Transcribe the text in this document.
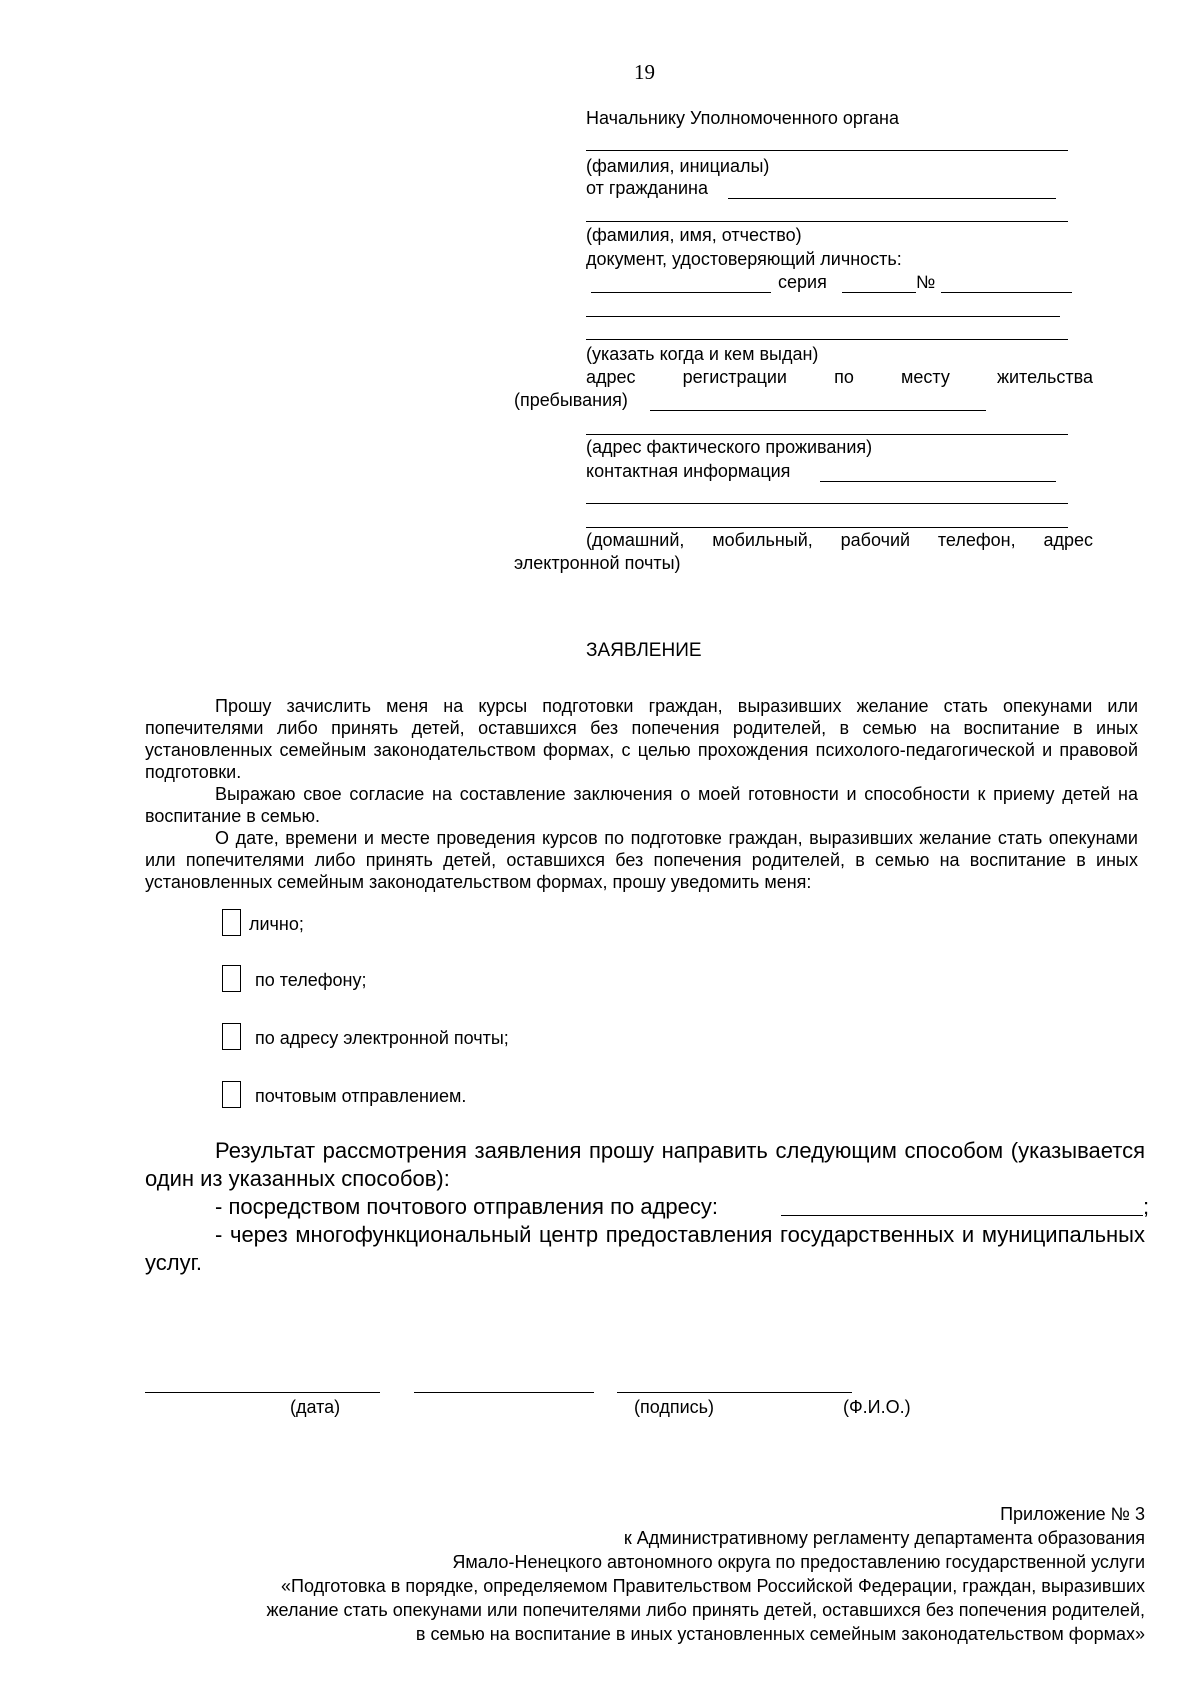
19
Начальнику Уполномоченного органа
(фамилия, инициалы)
от гражданина
(фамилия, имя, отчество)
документ, удостоверяющий личность:
серия	№
(указать когда и кем выдан)
адрес регистрации по месту жительства
(пребывания)
(адрес фактического проживания)
контактная информация
(домашний, мобильный, рабочий телефон, адрес
электронной почты)
ЗАЯВЛЕНИЕ

Прошу зачислить меня на курсы подготовки граждан, выразивших желание стать опекунами или попечителями либо принять детей, оставшихся без попечения родителей, в семью на воспитание в иных установленных семейным законодательством формах, с целью прохождения психолого-педагогической и правовой подготовки.

Выражаю свое согласие на составление заключения о моей готовности и способности к приему детей на воспитание в семью.

О дате, времени и месте проведения курсов по подготовке граждан, выразивших желание стать опекунами или попечителями либо принять детей, оставшихся без попечения родителей, в семью на воспитание в иных установленных семейным законодательством формах, прошу уведомить меня:

лично;
по телефону;
по адресу электронной почты;
почтовым отправлением.

Результат рассмотрения заявления прошу направить следующим способом (указывается один из указанных способов):

- посредством почтового отправления по адресу:	;

- через многофункциональный центр предоставления государственных и муниципальных услуг.

(дата)	(подпись)	(Ф.И.О.)
Приложение № 3
к Административному регламенту департамента образования
Ямало-Ненецкого автономного округа по предоставлению государственной услуги
«Подготовка в порядке, определяемом Правительством Российской Федерации, граждан, выразивших
желание стать опекунами или попечителями либо принять детей, оставшихся без попечения родителей,
в семью на воспитание в иных установленных семейным законодательством формах»
